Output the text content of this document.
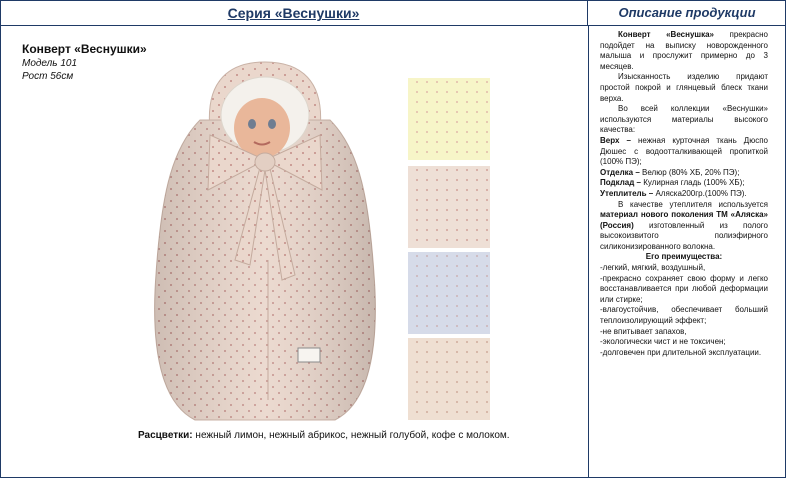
Серия «Веснушки»	Описание продукции
Конверт «Веснушки»
Модель 101
Рост 56см
Расцветки: нежный лимон, нежный абрикос, нежный голубой, кофе с молоком.

Конверт «Веснушка» прекрасно подойдет на выписку новорожденного малыша и прослужит примерно до 3 месяцев.

Изысканность изделию придают простой покрой и глянцевый блеск ткани верха.

Во всей коллекции «Веснушки» используются материалы высокого качества:

Верх – нежная курточная ткань Дюспо Дюшес с водоотталкивающей пропиткой (100% ПЭ);

Отделка – Велюр (80% ХБ, 20% ПЭ);

Подклад – Кулирная гладь (100% ХБ);

Утеплитель – Аляска200гр.(100% ПЭ).

В качестве утеплителя используется материал нового поколения ТМ «Аляска» (Россия) изготовленный из полого высокоизвитого полиэфирного силиконизированного волокна.

Его преимущества:

-легкий, мягкий, воздушный,

-прекрасно сохраняет свою форму и легко восстанавливается при любой деформации или стирке;

-влагоустойчив, обеспечивает больший теплоизолирующий эффект;

-не впитывает запахов,

-экологически чист и не токсичен;

-долговечен при длительной эксплуатации.
